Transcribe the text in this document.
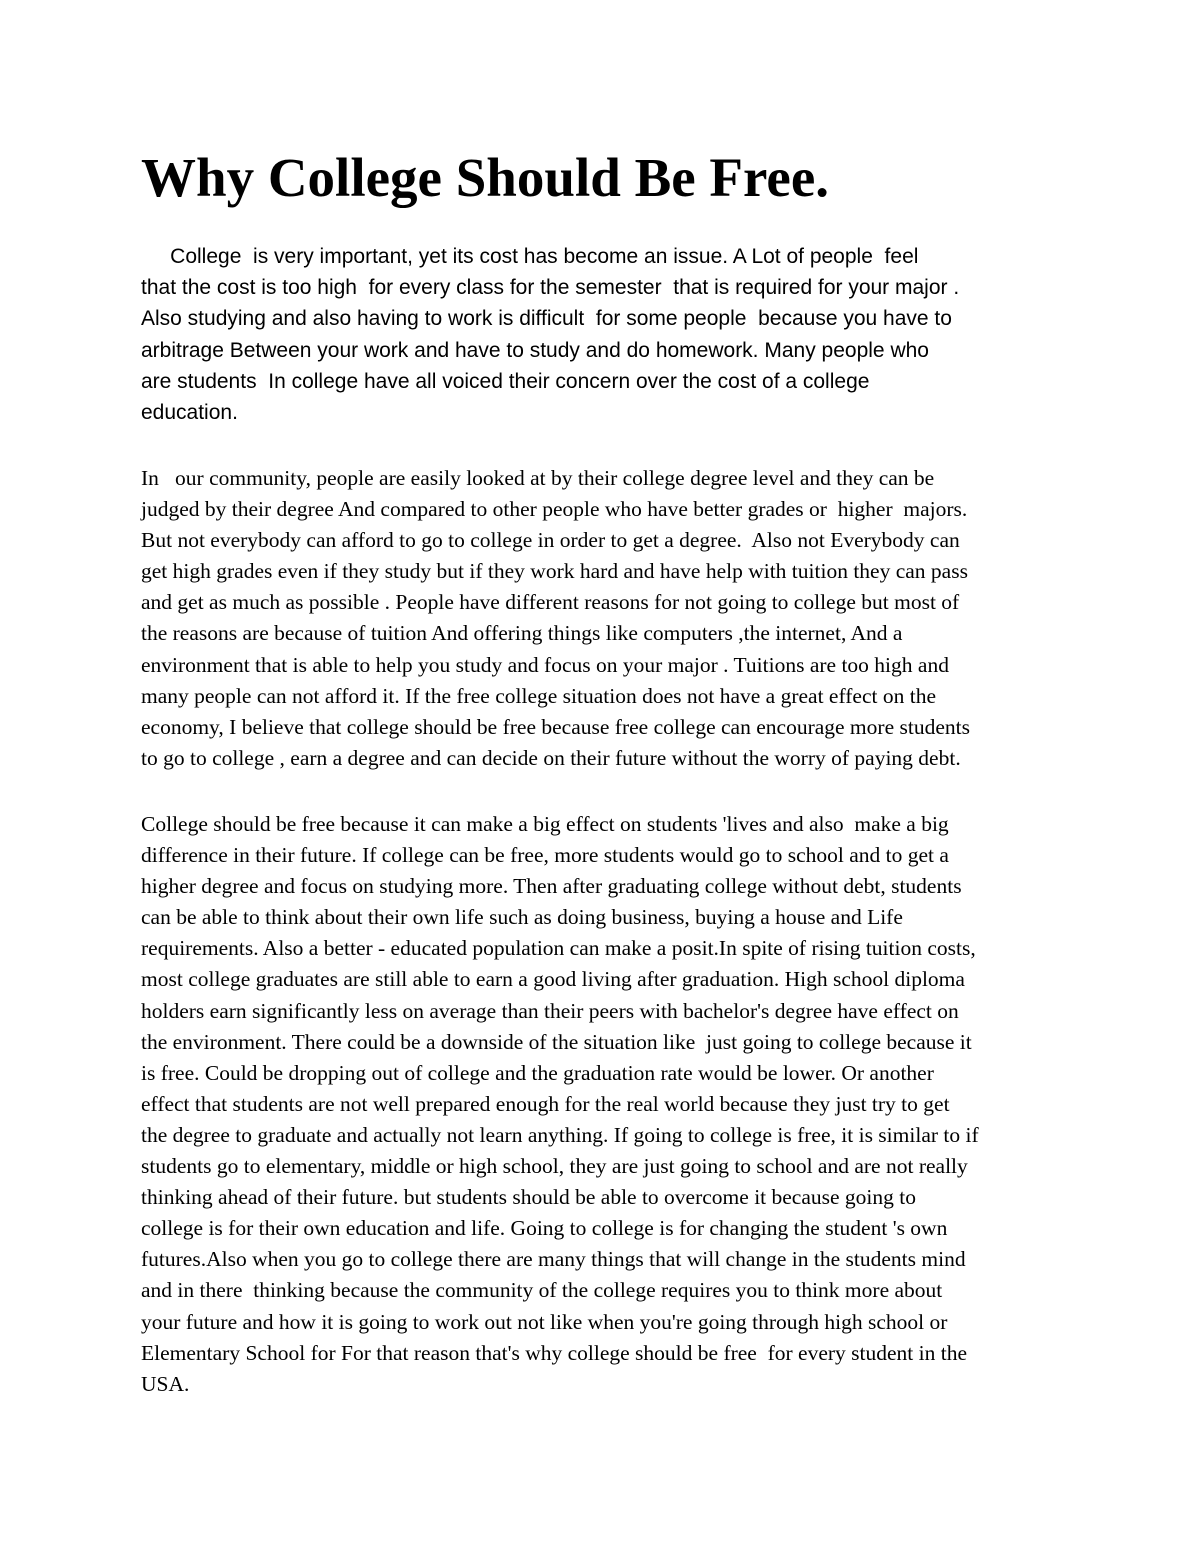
Why College Should Be Free.
College  is very important, yet its cost has become an issue. A Lot of people  feel
that the cost is too high  for every class for the semester  that is required for your major .
Also studying and also having to work is difficult  for some people  because you have to
arbitrage Between your work and have to study and do homework. Many people who
are students  In college have all voiced their concern over the cost of a college
education.
In   our community, people are easily looked at by their college degree level and they can be
judged by their degree And compared to other people who have better grades or  higher  majors.
But not everybody can afford to go to college in order to get a degree.  Also not Everybody can
get high grades even if they study but if they work hard and have help with tuition they can pass
and get as much as possible . People have different reasons for not going to college but most of
the reasons are because of tuition And offering things like computers ,the internet, And a
environment that is able to help you study and focus on your major . Tuitions are too high and
many people can not afford it. If the free college situation does not have a great effect on the
economy, I believe that college should be free because free college can encourage more students
to go to college , earn a degree and can decide on their future without the worry of paying debt.
College should be free because it can make a big effect on students 'lives and also  make a big
difference in their future. If college can be free, more students would go to school and to get a
higher degree and focus on studying more. Then after graduating college without debt, students
can be able to think about their own life such as doing business, buying a house and Life
requirements. Also a better - educated population can make a posit.In spite of rising tuition costs,
most college graduates are still able to earn a good living after graduation. High school diploma
holders earn significantly less on average than their peers with bachelor's degree have effect on
the environment. There could be a downside of the situation like  just going to college because it
is free. Could be dropping out of college and the graduation rate would be lower. Or another
effect that students are not well prepared enough for the real world because they just try to get
the degree to graduate and actually not learn anything. If going to college is free, it is similar to if
students go to elementary, middle or high school, they are just going to school and are not really
thinking ahead of their future. but students should be able to overcome it because going to
college is for their own education and life. Going to college is for changing the student 's own
futures.Also when you go to college there are many things that will change in the students mind
and in there  thinking because the community of the college requires you to think more about
your future and how it is going to work out not like when you're going through high school or
Elementary School for For that reason that's why college should be free  for every student in the
USA.
